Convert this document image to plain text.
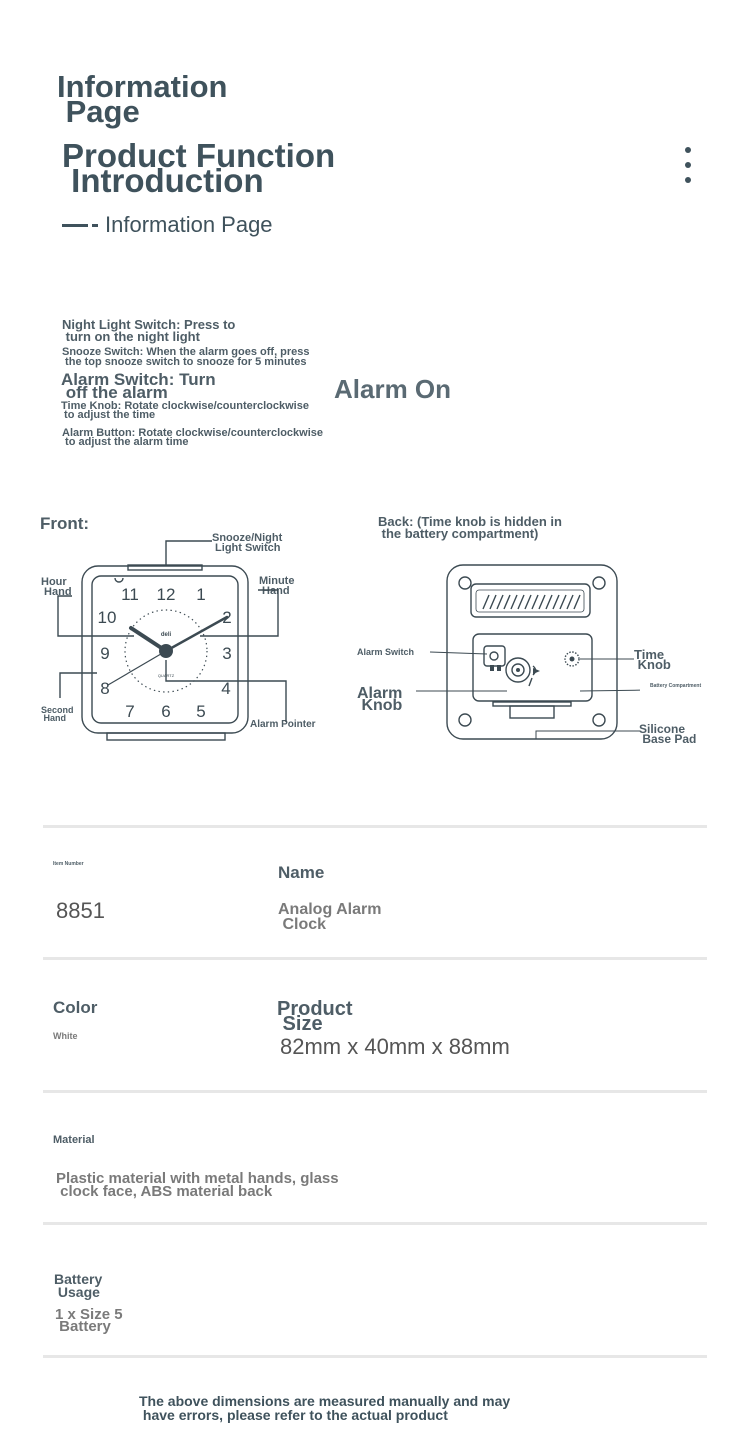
Information
Page
Product Function
Introduction
Information Page
Night Light Switch: Press to
turn on the night light
Snooze Switch: When the alarm goes off, press
the top snooze switch to snooze for 5 minutes
Alarm Switch: Turn
off the alarm	Alarm On
Time Knob: Rotate clockwise/counterclockwise
to adjust the time
Alarm Button: Rotate clockwise/counterclockwise
to adjust the alarm time
Front:	Back: (Time knob is hidden in
the battery compartment)
Snooze/Night
Light Switch
Hour
Hand
Minute
Hand
Second
Hand
Alarm Pointer
Alarm Switch
Alarm
Knob
Time
Knob
Battery Compartment
Silicone
Base Pad
12 1
2
3
4
5
6
7
8
9
10
11
deli
QUARTZ
Item Number
8851
Name
Analog Alarm
Clock
Color
White
Product
Size
82mm x 40mm x 88mm
Material
Plastic material with metal hands, glass
clock face, ABS material back
Battery
Usage
1 x Size 5
Battery
The above dimensions are measured manually and may
have errors, please refer to the actual product
